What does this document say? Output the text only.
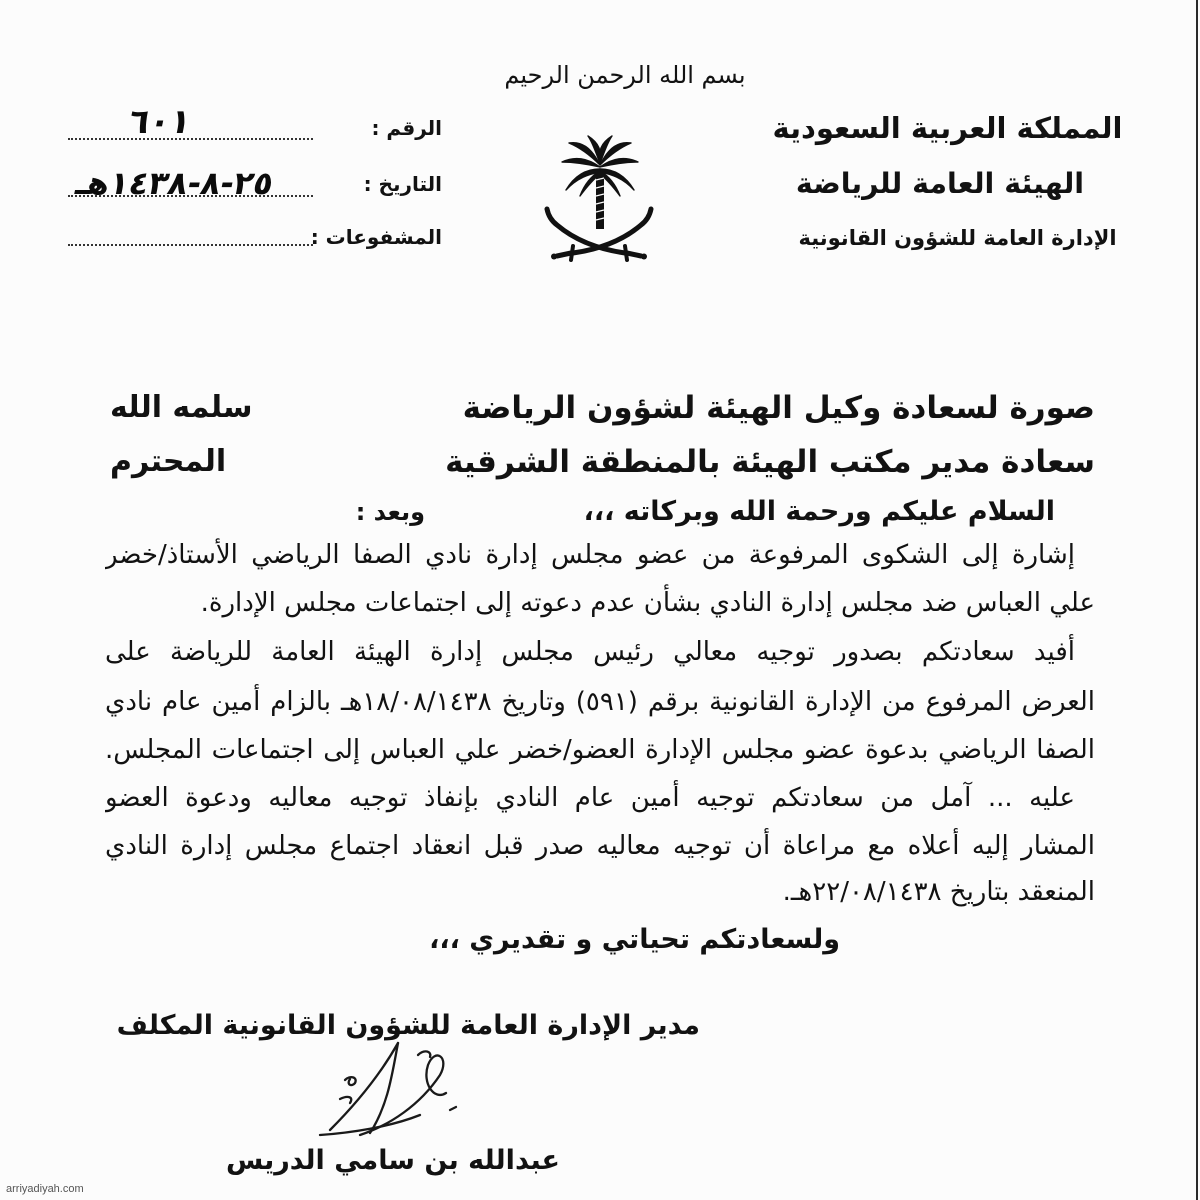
بسم الله الرحمن الرحيم
المملكة العربية السعودية
الهيئة العامة للرياضة
الإدارة العامة للشؤون القانونية
الرقم :
٦٠١
التاريخ :
٢٥-٨-١٤٣٨هـ
المشفوعات :
صورة لسعادة وكيل الهيئة لشؤون الرياضة
سلمه الله
سعادة مدير مكتب الهيئة بالمنطقة الشرقية
المحترم
السلام عليكم ورحمة الله وبركاته ،،،
وبعد :
إشارة إلى الشكوى المرفوعة من عضو مجلس إدارة نادي الصفا الرياضي الأستاذ/خضر
علي العباس ضد مجلس إدارة النادي بشأن عدم دعوته إلى اجتماعات مجلس الإدارة.
أفيد سعادتكم بصدور توجيه معالي رئيس مجلس إدارة الهيئة العامة للرياضة على
العرض المرفوع من الإدارة القانونية برقم (٥٩١) وتاريخ ١٨/٠٨/١٤٣٨هـ بالزام أمين عام نادي
الصفا الرياضي بدعوة عضو مجلس الإدارة العضو/خضر علي العباس إلى اجتماعات المجلس.
عليه ... آمل من سعادتكم توجيه أمين عام النادي بإنفاذ توجيه معاليه ودعوة العضو
المشار إليه أعلاه مع مراعاة أن توجيه معاليه صدر قبل انعقاد اجتماع مجلس إدارة النادي
المنعقد بتاريخ ٢٢/٠٨/١٤٣٨هـ.
ولسعادتكم تحياتي و تقديري ،،،
مدير الإدارة العامة للشؤون القانونية المكلف
عبدالله بن سامي الدريس
arriyadiyah.com
